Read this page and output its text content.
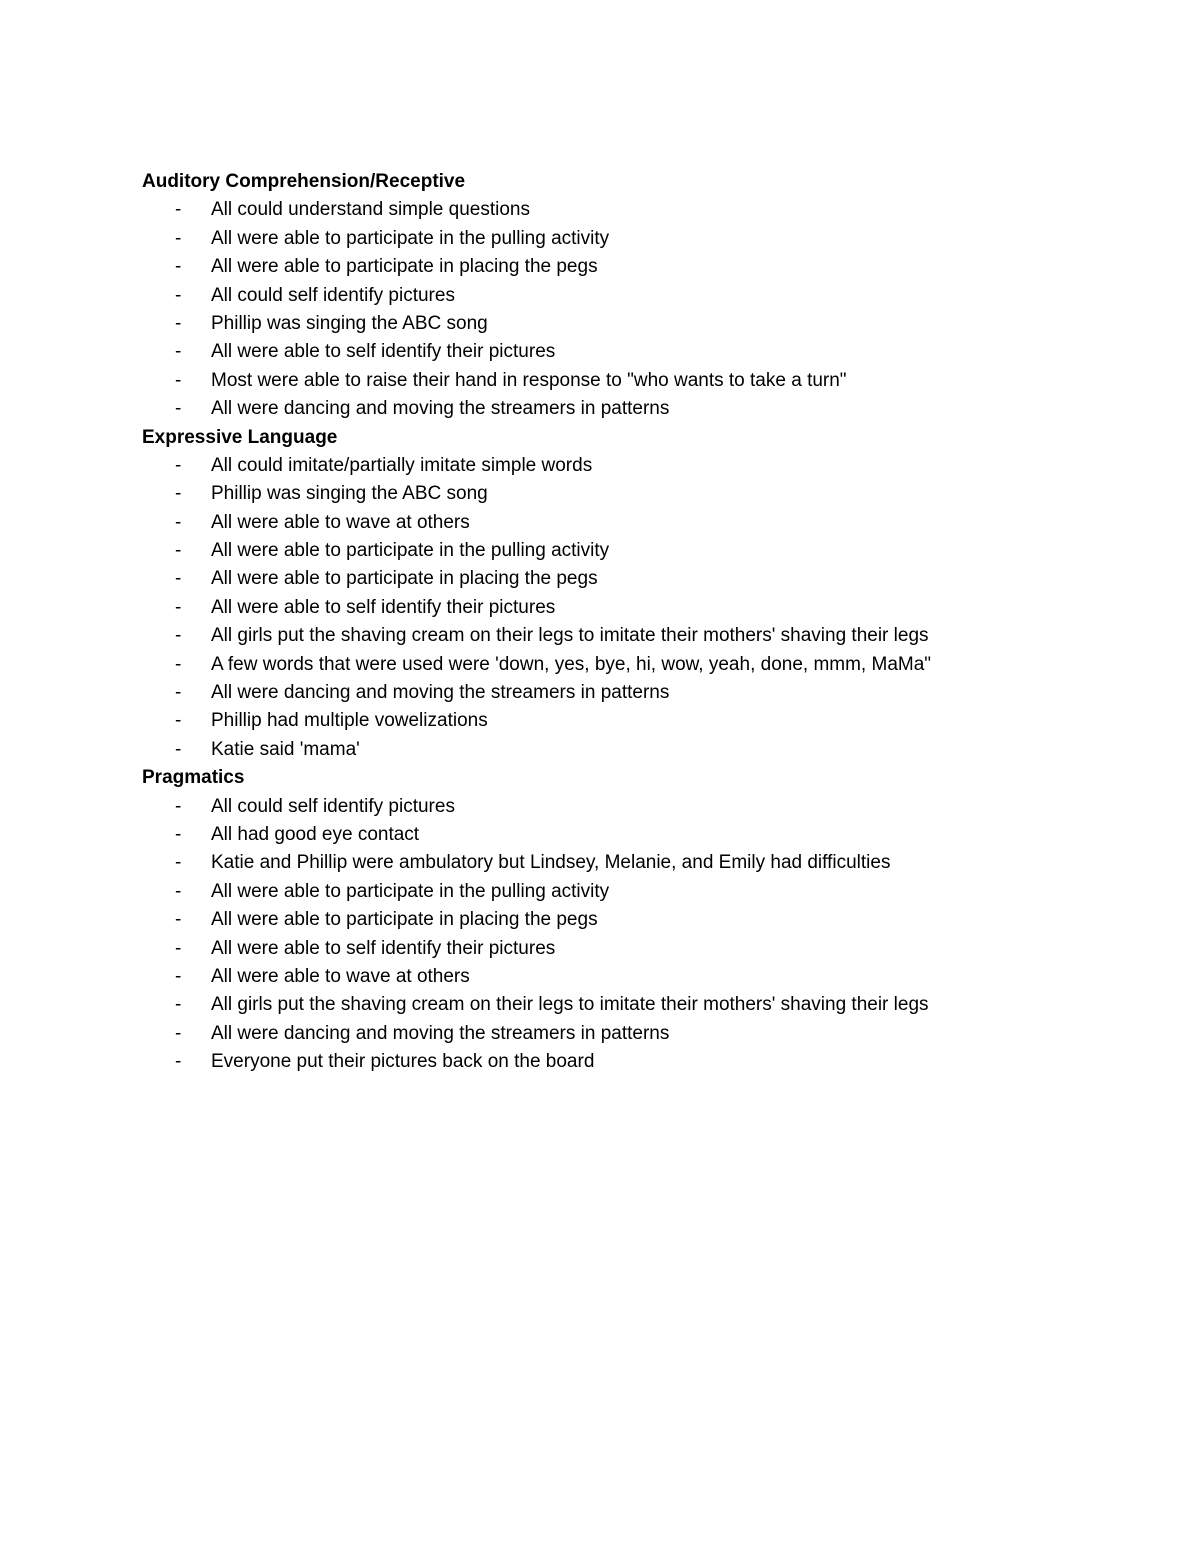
Auditory Comprehension/Receptive
- All could understand simple questions
- All were able to participate in the pulling activity
- All were able to participate in placing the pegs
- All could self identify pictures
- Phillip was singing the ABC song
- All were able to self identify their pictures
- Most were able to raise their hand in response to "who wants to take a turn"
- All were dancing and moving the streamers in patterns
Expressive Language
- All could imitate/partially imitate simple words
- Phillip was singing the ABC song
- All were able to wave at others
- All were able to participate in the pulling activity
- All were able to participate in placing the pegs
- All were able to self identify their pictures
- All girls put the shaving cream on their legs to imitate their mothers' shaving their legs
- A few words that were used were 'down, yes, bye, hi, wow, yeah, done, mmm, MaMa"
- All were dancing and moving the streamers in patterns
- Phillip had multiple vowelizations
- Katie said 'mama'
Pragmatics
- All could self identify pictures
- All had good eye contact
- Katie and Phillip were ambulatory but Lindsey, Melanie, and Emily had difficulties
- All were able to participate in the pulling activity
- All were able to participate in placing the pegs
- All were able to self identify their pictures
- All were able to wave at others
- All girls put the shaving cream on their legs to imitate their mothers' shaving their legs
- All were dancing and moving the streamers in patterns
- Everyone put their pictures back on the board
